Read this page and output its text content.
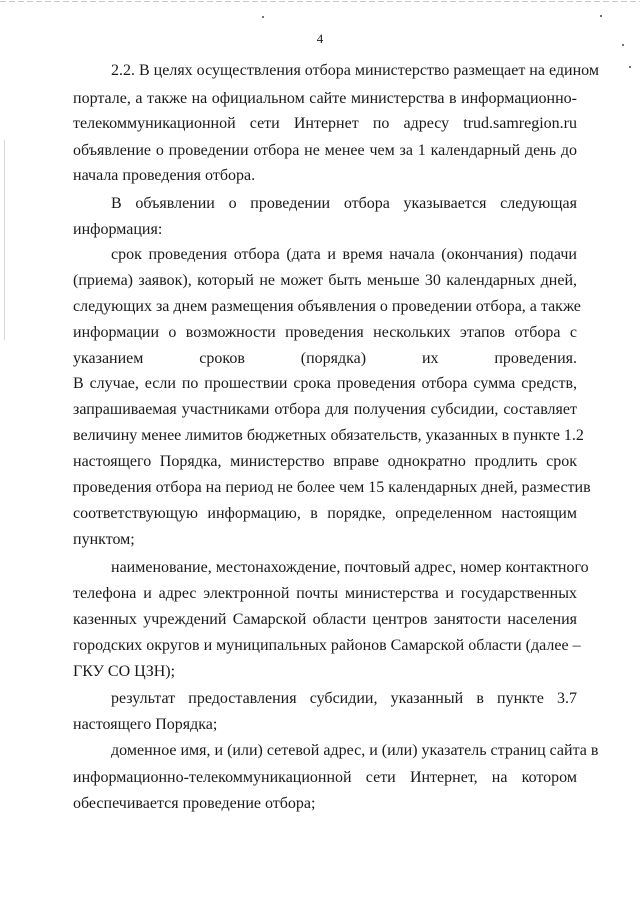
4
2.2. В целях осуществления отбора министерство размещает на едином
портале, а также на официальном сайте министерства в информационно-
телекоммуникационной сети Интернет по адресу trud.samregion.ru
объявление о проведении отбора не менее чем за 1 календарный день до
начала проведения отбора.
В объявлении о проведении отбора указывается следующая
информация:
срок проведения отбора (дата и время начала (окончания) подачи
(приема) заявок), который не может быть меньше 30 календарных дней,
следующих за днем размещения объявления о проведении отбора, а также
информации о возможности проведения нескольких этапов отбора с
указанием сроков (порядка) их проведения.
В случае, если по прошествии срока проведения отбора сумма средств,
запрашиваемая участниками отбора для получения субсидии, составляет
величину менее лимитов бюджетных обязательств, указанных в пункте 1.2
настоящего Порядка, министерство вправе однократно продлить срок
проведения отбора на период не более чем 15 календарных дней, разместив
соответствующую информацию, в порядке, определенном настоящим
пунктом;
наименование, местонахождение, почтовый адрес, номер контактного
телефона и адрес электронной почты министерства и государственных
казенных учреждений Самарской области центров занятости населения
городских округов и муниципальных районов Самарской области (далее –
ГКУ СО ЦЗН);
результат предоставления субсидии, указанный в пункте 3.7
настоящего Порядка;
доменное имя, и (или) сетевой адрес, и (или) указатель страниц сайта в
информационно-телекоммуникационной сети Интернет, на котором
обеспечивается проведение отбора;
